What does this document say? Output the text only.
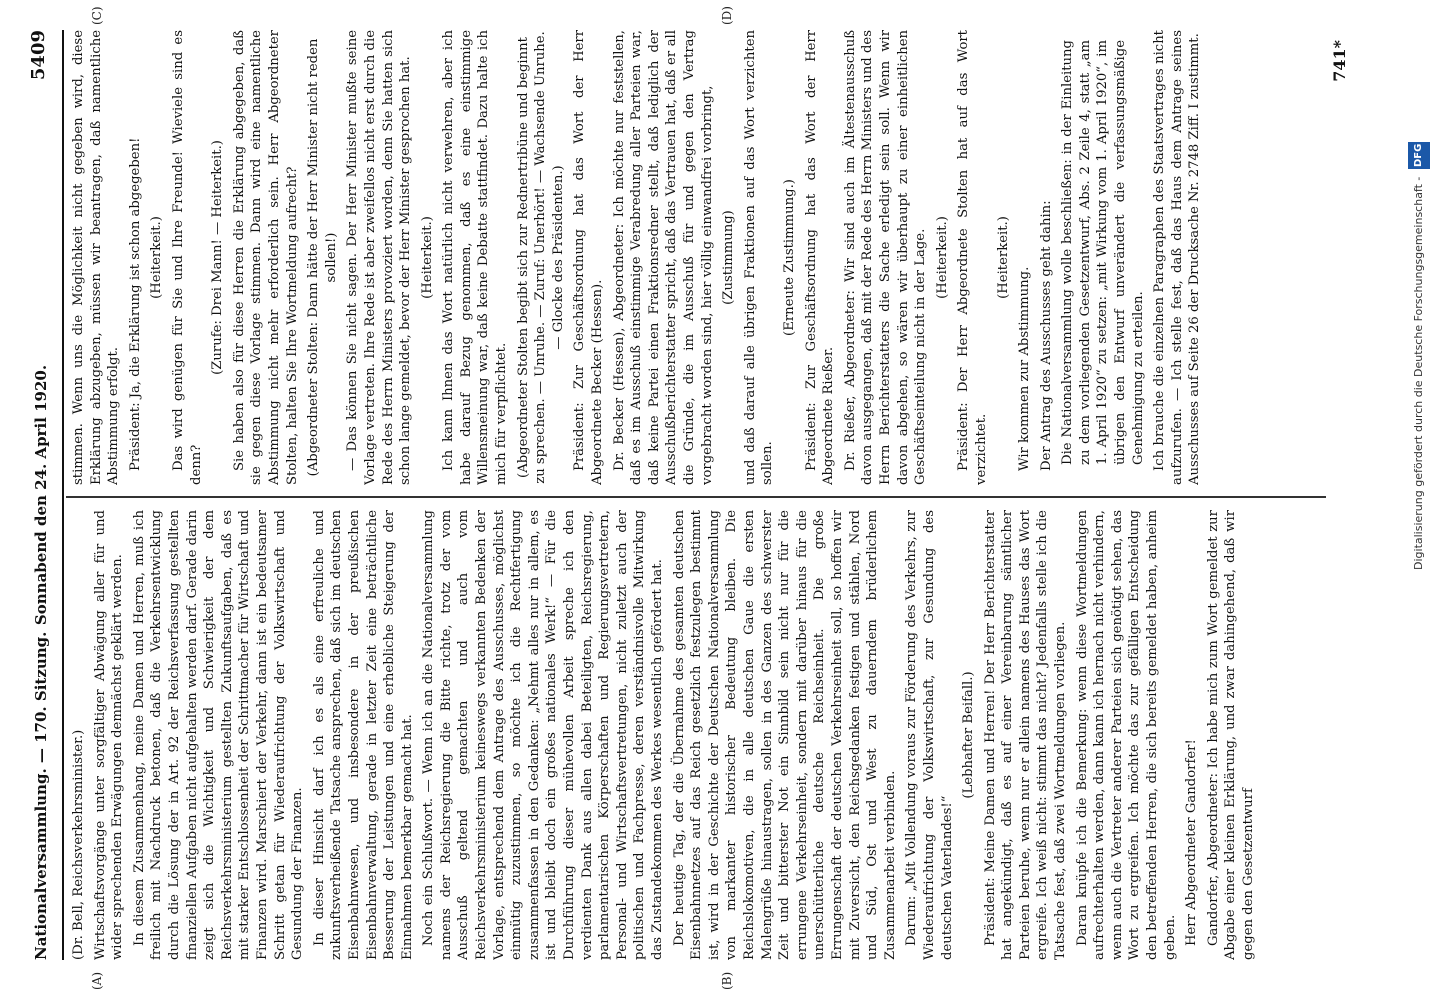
Nationalversammlung. — 170. Sitzung.
Sonnabend den 24. April 1920.
5409
(A)	(B)
(C)	(D)

(Dr. Bell, Reichsverkehrsminister.) Wirtschaftsvorgänge unter sorgfältiger Abwägung aller für und wider sprechenden Erwägungen demnächst geklärt werden. In diesem Zusammenhang, meine Damen und Herren, muß ich freilich mit Nachdruck betonen, daß die Verkehrsentwicklung durch die Lösung der in Art. 92 der Reichsverfassung gestellten finanziellen Aufgaben nicht aufgehalten werden darf. Gerade darin zeigt sich die Wichtigkeit und Schwierigkeit der dem Reichsverkehrsministerium gestellten Zukunftsaufgaben, daß es mit starker Entschlossenheit der Schrittmacher für Wirtschaft und Finanzen wird. Marschiert der Verkehr, dann ist ein bedeutsamer Schritt getan für Wiederaufrichtung der Volkswirtschaft und Gesundung der Finanzen. In dieser Hinsicht darf ich es als eine erfreuliche und zukunftsverheißende Tatsache ansprechen, daß sich im deutschen Eisenbahnwesen, und insbesondere in der preußischen Eisenbahnverwaltung, gerade in letzter Zeit eine beträchtliche Besserung der Leistungen und eine erhebliche Steigerung der Einnahmen bemerkbar gemacht hat. Noch ein Schlußwort. — Wenn ich an die Nationalversammlung namens der Reichsregierung die Bitte richte, trotz der vom Ausschuß geltend gemachten und auch vom Reichsverkehrsministerium keineswegs verkannten Bedenken der Vorlage, entsprechend dem Antrage des Ausschusses, möglichst einmütig zuzustimmen, so möchte ich die Rechtfertigung zusammenfassen in den Gedanken: „Nehmt alles nur in allem, es ist und bleibt doch ein großes nationales Werk!“ — Für die Durchführung dieser mühevollen Arbeit spreche ich den verdienten Dank aus allen dabei Beteiligten, Reichsregierung, parlamentarischen Körperschaften und Regierungsvertretern, Personal- und Wirtschaftsvertretungen, nicht zuletzt auch der politischen und Fachpresse, deren verständnisvolle Mitwirkung das Zustandekommen des Werkes wesentlich gefördert hat. Der heutige Tag, der die Übernahme des gesamten deutschen Eisenbahnnetzes auf das Reich gesetzlich festzulegen bestimmt ist, wird in der Geschichte der Deutschen Nationalversammlung von markanter historischer Bedeutung bleiben. Die Reichslokomotiven, die in alle deutschen Gaue die ersten Malengrüße hinaustragen, sollen in des Ganzen des schwerster Zeit und bitterster Not ein Sinnbild sein nicht nur für die errungene Verkehrseinheit, sondern mit darüber hinaus für die unerschütterliche deutsche Reichseinheit. Die große Errungenschaft der deutschen Verkehrseinheit soll, so hoffen wir mit Zuversicht, den Reichsgedanken festigen und stählen, Nord und Süd, Ost und West zu dauerndem brüderlichem Zusammenarbeit verbinden. Darum: „Mit Vollendung voraus zur Förderung des Verkehrs, zur Wiederaufrichtung der Volkswirtschaft, zur Gesundung des deutschen Vaterlandes!“

(Lebhafter Beifall.) Präsident: Meine Damen und Herren! Der Herr Berichterstatter hat angekündigt, daß es auf einer Vereinbarung sämtlicher Parteien beruhe, wenn nur er allein namens des Hauses das Wort ergreife. Ich weiß nicht: stimmt das nicht? Jedenfalls stelle ich die Tatsache fest, daß zwei Wortmeldungen vorliegen. Daran knüpfe ich die Bemerkung: wenn diese Wortmeldungen aufrechterhalten werden, dann kann ich hernach nicht verhindern, wenn auch die Vertreter anderer Parteien sich genötigt sehen, das Wort zu ergreifen. Ich möchte das zur gefälligen Entscheidung den betreffenden Herren, die sich bereits gemeldet haben, anheim geben. Herr Abgeordneter Gandorfer! Gandorfer, Abgeordneter: Ich habe mich zum Wort gemeldet zur Abgabe einer kleinen Erklärung, und zwar dahingehend, daß wir gegen den Gesetzentwurf

stimmen. Wenn uns die Möglichkeit nicht gegeben wird, diese Erklärung abzugeben, müssen wir beantragen, daß namentliche Abstimmung erfolgt. Präsident: Ja, die Erklärung ist schon abgegeben! (Heiterkeit.) Das wird genügen für Sie und Ihre Freunde! Wieviele sind es denn?

(Zurufe: Drei Mann! — Heiterkeit.) Sie haben also für diese Herren die Erklärung abgegeben, daß sie gegen diese Vorlage stimmen. Dann wird eine namentliche Abstimmung nicht mehr erforderlich sein. Herr Abgeordneter Stolten, halten Sie Ihre Wortmeldung aufrecht? (Abgeordneter Stolten: Dann hätte der Herr Minister nicht reden sollen!) — Das können Sie nicht sagen. Der Herr Minister mußte seine Vorlage vertreten. Ihre Rede ist aber zweifellos nicht erst durch die Rede des Herrn Ministers provoziert worden, denn Sie hatten sich schon lange gemeldet, bevor der Herr Minister gesprochen hat. (Heiterkeit.) Ich kann Ihnen das Wort natürlich nicht verwehren, aber ich habe darauf Bezug genommen, daß es eine einstimmige Willensmeinung war, daß keine Debatte stattfindet. Dazu halte ich mich für verpflichtet. (Abgeordneter Stolten begibt sich zur Rednertribüne und beginnt zu sprechen. — Unruhe. — Zuruf: Unerhört! — Wachsende Unruhe. — Glocke des Präsidenten.) Präsident: Zur Geschäftsordnung hat das Wort der Herr Abgeordnete Becker (Hessen). Dr. Becker (Hessen), Abgeordneter: Ich möchte nur feststellen, daß es im Ausschuß einstimmige Verabredung aller Parteien war, daß keine Partei einen Fraktionsredner stellt, daß lediglich der Ausschußberichterstatter spricht, daß das Vertrauen hat, daß er all die Gründe, die im Ausschuß für und gegen den Vertrag vorgebracht worden sind, hier völlig einwandfrei vorbringt, (Zustimmung) und daß darauf alle übrigen Fraktionen auf das Wort verzichten sollen.

(Erneute Zustimmung.) Präsident: Zur Geschäftsordnung hat das Wort der Herr Abgeordnete Rießer. Dr. Rießer, Abgeordneter: Wir sind auch im Ältestenausschuß davon ausgegangen, daß mit der Rede des Herrn Ministers und des Herrn Berichterstatters die Sache erledigt sein soll. Wenn wir davon abgehen, so wären wir überhaupt zu einer einheitlichen Geschäftseinteilung nicht in der Lage. (Heiterkeit.) Präsident: Der Herr Abgeordnete Stolten hat auf das Wort verzichtet.

(Heiterkeit.)

Wir kommen zur Abstimmung. Der Antrag des Ausschusses geht dahin: Die Nationalversammlung wolle beschließen: in der Einleitung zu dem vorliegenden Gesetzentwurf, Abs. 2 Zeile 4, statt „am 1. April 1920“ zu setzen: „mit Wirkung vom 1. April 1920“, im übrigen den Entwurf unverändert die verfassungsmäßige Genehmigung zu erteilen. Ich brauche die einzelnen Paragraphen des Staatsvertrages nicht aufzurufen. — Ich stelle fest, daß das Haus dem Antrage seines Ausschusses auf Seite 26 der Drucksache Nr. 2748 Ziff. I zustimmt.	741*
Digitalisierung gefördert durch die Deutsche Forschungsgemeinschaft - DFG
